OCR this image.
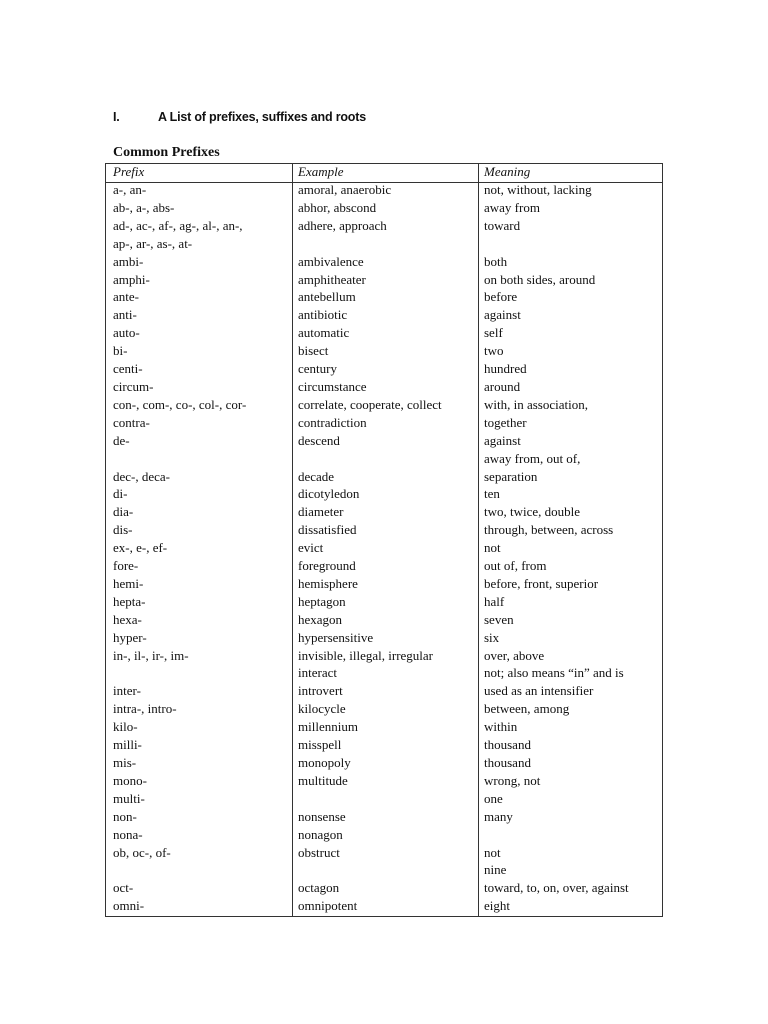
I.	A List of prefixes, suffixes and roots
Common Prefixes
Prefix
a-, an-
ab-, a-, abs-
ad-, ac-, af-, ag-, al-, an-,
ap-, ar-, as-, at-
ambi-
amphi-
ante-
anti-
auto-
bi-
centi-
circum-
con-, com-, co-, col-, cor-
contra-
de-

dec-, deca-
di-
dia-
dis-
ex-, e-, ef-
fore-
hemi-
hepta-
hexa-
hyper-
in-, il-, ir-, im-

inter-
intra-, intro-
kilo-
milli-
mis-
mono-
multi-
non-
nona-
ob, oc-, of-

oct-
omni-
Example
amoral, anaerobic
abhor, abscond
adhere, approach

ambivalence
amphitheater
antebellum
antibiotic
automatic
bisect
century
circumstance
correlate, cooperate, collect
contradiction
descend

decade
dicotyledon
diameter
dissatisfied
evict
foreground
hemisphere
heptagon
hexagon
hypersensitive
invisible, illegal, irregular
interact
introvert
kilocycle
millennium
misspell
monopoly
multitude

nonsense
nonagon
obstruct

octagon
omnipotent
Meaning
not, without, lacking
away from
toward

both
on both sides, around
before
against
self
two
hundred
around
with, in association,
together
against
away from, out of,
separation
ten
two, twice, double
through, between, across
not
out of, from
before, front, superior
half
seven
six
over, above
not; also means “in” and is
used as an intensifier
between, among
within
thousand
thousand
wrong, not
one
many

not
nine
toward, to, on, over, against
eight
